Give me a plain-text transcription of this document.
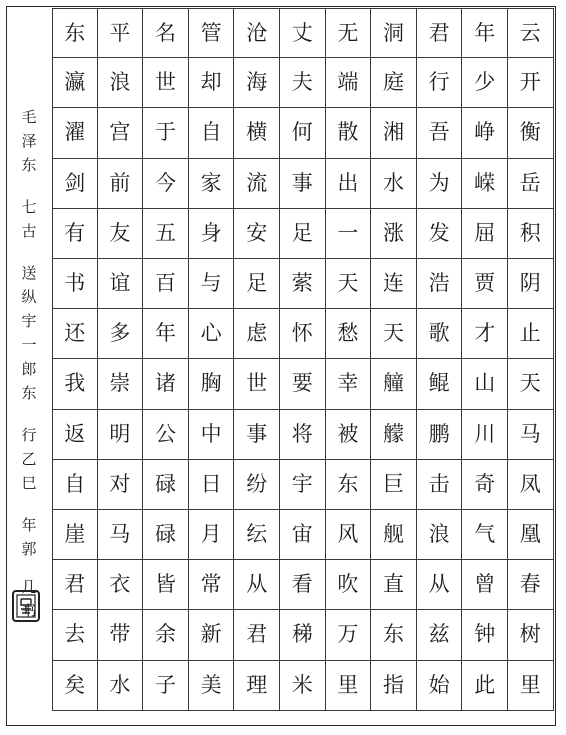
云
开
衡
岳
积
阴
止
天
马
凤
凰
春
树
里
年
少
峥
嵘
屈
贾
才
山
川
奇
气
曾
钟
此
君
行
吾
为
发
浩
歌
鲲
鹏
击
浪
从
兹
始
洞
庭
湘
水
涨
连
天
艟
艨
巨
舰
直
东
指
无
端
散
出
一
天
愁
幸
被
东
风
吹
万
里
丈
夫
何
事
足
萦
怀
要
将
宇
宙
看
稊
米
沧
海
横
流
安
足
虑
世
事
纷
纭
从
君
理
管
却
自
家
身
与
心
胸
中
日
月
常
新
美
名
世
于
今
五
百
年
诸
公
碌
碌
皆
余
子
平
浪
宫
前
友
谊
多
崇
明
对
马
衣
带
水
东
瀛
濯
剑
有
书
还
我
返
自
崖
君
去
矣
毛
泽
东
七
古
送
纵
宇
一
郎
东
行
乙
巳
年
郭
几
书
